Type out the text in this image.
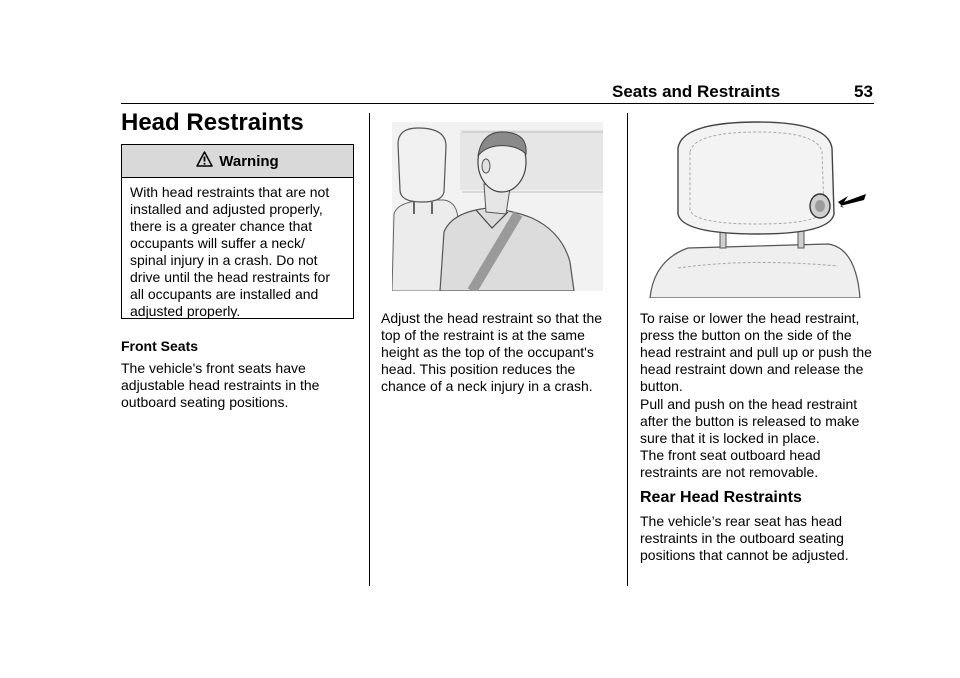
Seats and Restraints	53
Head Restraints
Warning
With head restraints that are not installed and adjusted properly, there is a greater chance that occupants will suffer a neck/ spinal injury in a crash. Do not drive until the head restraints for all occupants are installed and adjusted properly.
Front Seats
The vehicle's front seats have adjustable head restraints in the outboard seating positions.
Adjust the head restraint so that the top of the restraint is at the same height as the top of the occupant's head. This position reduces the chance of a neck injury in a crash.
To raise or lower the head restraint, press the button on the side of the head restraint and pull up or push the head restraint down and release the button.
Pull and push on the head restraint after the button is released to make sure that it is locked in place.
The front seat outboard head restraints are not removable.
Rear Head Restraints
The vehicle’s rear seat has head restraints in the outboard seating positions that cannot be adjusted.
